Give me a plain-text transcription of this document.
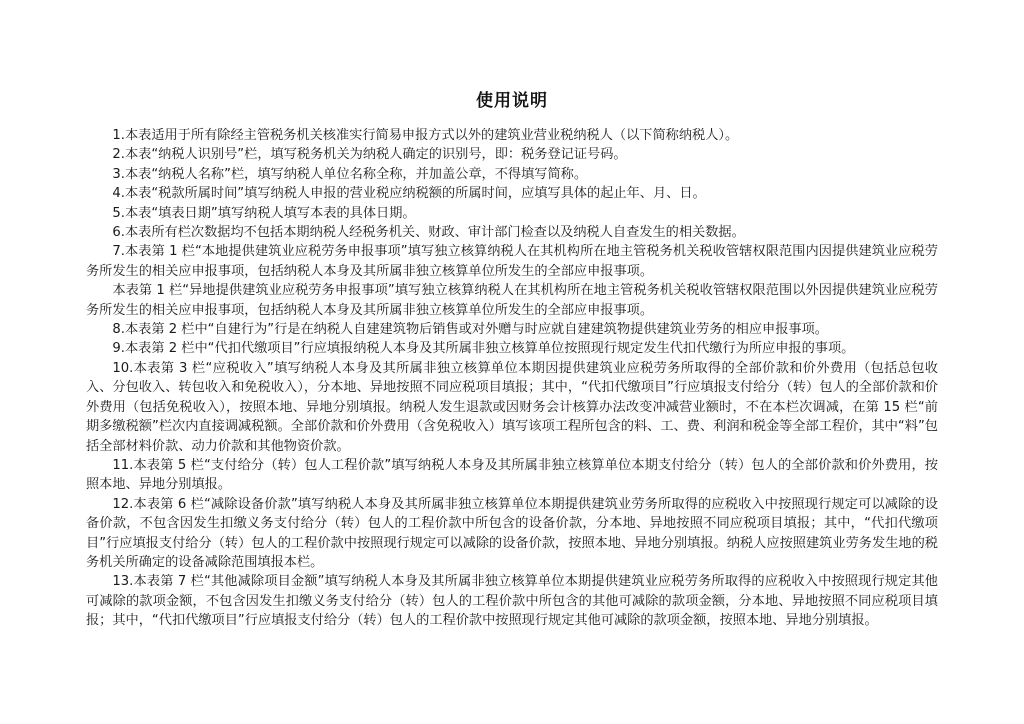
使用说明

1.本表适用于所有除经主管税务机关核准实行简易申报方式以外的建筑业营业税纳税人（以下简称纳税人）。

2.本表“纳税人识别号”栏，填写税务机关为纳税人确定的识别号，即：税务登记证号码。

3.本表“纳税人名称”栏，填写纳税人单位名称全称，并加盖公章，不得填写简称。

4.本表“税款所属时间”填写纳税人申报的营业税应纳税额的所属时间，应填写具体的起止年、月、日。

5.本表“填表日期”填写纳税人填写本表的具体日期。

6.本表所有栏次数据均不包括本期纳税人经税务机关、财政、审计部门检查以及纳税人自查发生的相关数据。

7.本表第 1 栏“本地提供建筑业应税劳务申报事项”填写独立核算纳税人在其机构所在地主管税务机关税收管辖权限范围内因提供建筑业应税劳务所发生的相关应申报事项，包括纳税人本身及其所属非独立核算单位所发生的全部应申报事项。

本表第 1 栏“异地提供建筑业应税劳务申报事项”填写独立核算纳税人在其机构所在地主管税务机关税收管辖权限范围以外因提供建筑业应税劳务所发生的相关应申报事项，包括纳税人本身及其所属非独立核算单位所发生的全部应申报事项。

8.本表第 2 栏中“自建行为”行是在纳税人自建建筑物后销售或对外赠与时应就自建建筑物提供建筑业劳务的相应申报事项。

9.本表第 2 栏中“代扣代缴项目”行应填报纳税人本身及其所属非独立核算单位按照现行规定发生代扣代缴行为所应申报的事项。

10.本表第 3 栏“应税收入”填写纳税人本身及其所属非独立核算单位本期因提供建筑业应税劳务所取得的全部价款和价外费用（包括总包收入、分包收入、转包收入和免税收入），分本地、异地按照不同应税项目填报；其中，“代扣代缴项目”行应填报支付给分（转）包人的全部价款和价外费用（包括免税收入），按照本地、异地分别填报。纳税人发生退款或因财务会计核算办法改变冲减营业额时，不在本栏次调减，在第 15 栏“前期多缴税额”栏次内直接调减税额。全部价款和价外费用（含免税收入）填写该项工程所包含的料、工、费、利润和税金等全部工程价，其中“料”包括全部材料价款、动力价款和其他物资价款。

11.本表第 5 栏“支付给分（转）包人工程价款”填写纳税人本身及其所属非独立核算单位本期支付给分（转）包人的全部价款和价外费用，按照本地、异地分别填报。

12.本表第 6 栏“减除设备价款”填写纳税人本身及其所属非独立核算单位本期提供建筑业劳务所取得的应税收入中按照现行规定可以减除的设备价款，不包含因发生扣缴义务支付给分（转）包人的工程价款中所包含的设备价款，分本地、异地按照不同应税项目填报；其中，“代扣代缴项目”行应填报支付给分（转）包人的工程价款中按照现行规定可以减除的设备价款，按照本地、异地分别填报。纳税人应按照建筑业劳务发生地的税务机关所确定的设备减除范围填报本栏。

13.本表第 7 栏“其他减除项目金额”填写纳税人本身及其所属非独立核算单位本期提供建筑业应税劳务所取得的应税收入中按照现行规定其他可减除的款项金额，不包含因发生扣缴义务支付给分（转）包人的工程价款中所包含的其他可减除的款项金额，分本地、异地按照不同应税项目填报；其中，“代扣代缴项目”行应填报支付给分（转）包人的工程价款中按照现行规定其他可减除的款项金额，按照本地、异地分别填报。
